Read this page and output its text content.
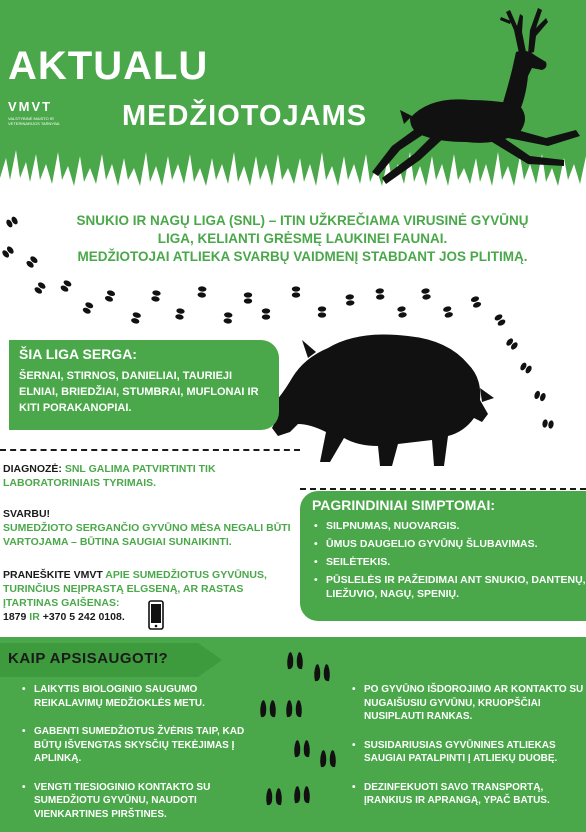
AKTUALU
VMVT
VALSTYBINĖ MAISTO IR VETERINARIJOS TARNYBA	MEDŽIOTOJAMS
SNUKIO IR NAGŲ LIGA (SNL) – ITIN UŽKREČIAMA VIRUSINĖ GYVŪNŲ
LIGA, KELIANTI GRĖSMĘ LAUKINEI FAUNAI.
MEDŽIOTOJAI ATLIEKA SVARBŲ VAIDMENĮ STABDANT JOS PLITIMĄ.
ŠIA LIGA SERGA:
ŠERNAI, STIRNOS, DANIELIAI, TAURIEJI ELNIAI, BRIEDŽIAI, STUMBRAI, MUFLONAI IR KITI PORAKANOPIAI.
DIAGNOZĖ: SNL GALIMA PATVIRTINTI TIK LABORATORINIAIS TYRIMAIS.
SVARBU!
SUMEDŽIOTO SERGANČIO GYVŪNO MĖSA NEGALI BŪTI VARTOJAMA – BŪTINA SAUGIAI SUNAIKINTI.
PRANEŠKITE VMVT APIE SUMEDŽIOTUS GYVŪNUS, TURINČIUS NEĮPRASTĄ ELGSENĄ, AR RASTAS ĮTARTINAS GAIŠENAS:
1879 IR +370 5 242 0108.
PAGRINDINIAI SIMPTOMAI:
• SILPNUMAS, NUOVARGIS.
• ŪMUS DAUGELIO GYVŪNŲ ŠLUBAVIMAS.
• SEILĖTEKIS.
• PŪSLELĖS IR PAŽEIDIMAI ANT SNUKIO, DANTENŲ, LIEŽUVIO, NAGŲ, SPENIŲ.
KAIP APSISAUGOTI?
• LAIKYTIS BIOLOGINIO SAUGUMO REIKALAVIMŲ MEDŽIOKLĖS METU.
• GABENTI SUMEDŽIOTUS ŽVĖRIS TAIP, KAD BŪTŲ IŠVENGTAS SKYSČIŲ TEKĖJIMAS Į APLINKĄ.
• VENGTI TIESIOGINIO KONTAKTO SU SUMEDŽIOTU GYVŪNU, NAUDOTI VIENKARTINES PIRŠTINES.
• PO GYVŪNO IŠDOROJIMO AR KONTAKTO SU NUGAIŠUSIU GYVŪNU, KRUOPŠČIAI NUSIPLAUTI RANKAS.
• SUSIDARIUSIAS GYVŪNINES ATLIEKAS SAUGIAI PATALPINTI Į ATLIEKŲ DUOBĘ.
• DEZINFEKUOTI SAVO TRANSPORTĄ, ĮRANKIUS IR APRANGĄ, YPAČ BATUS.
